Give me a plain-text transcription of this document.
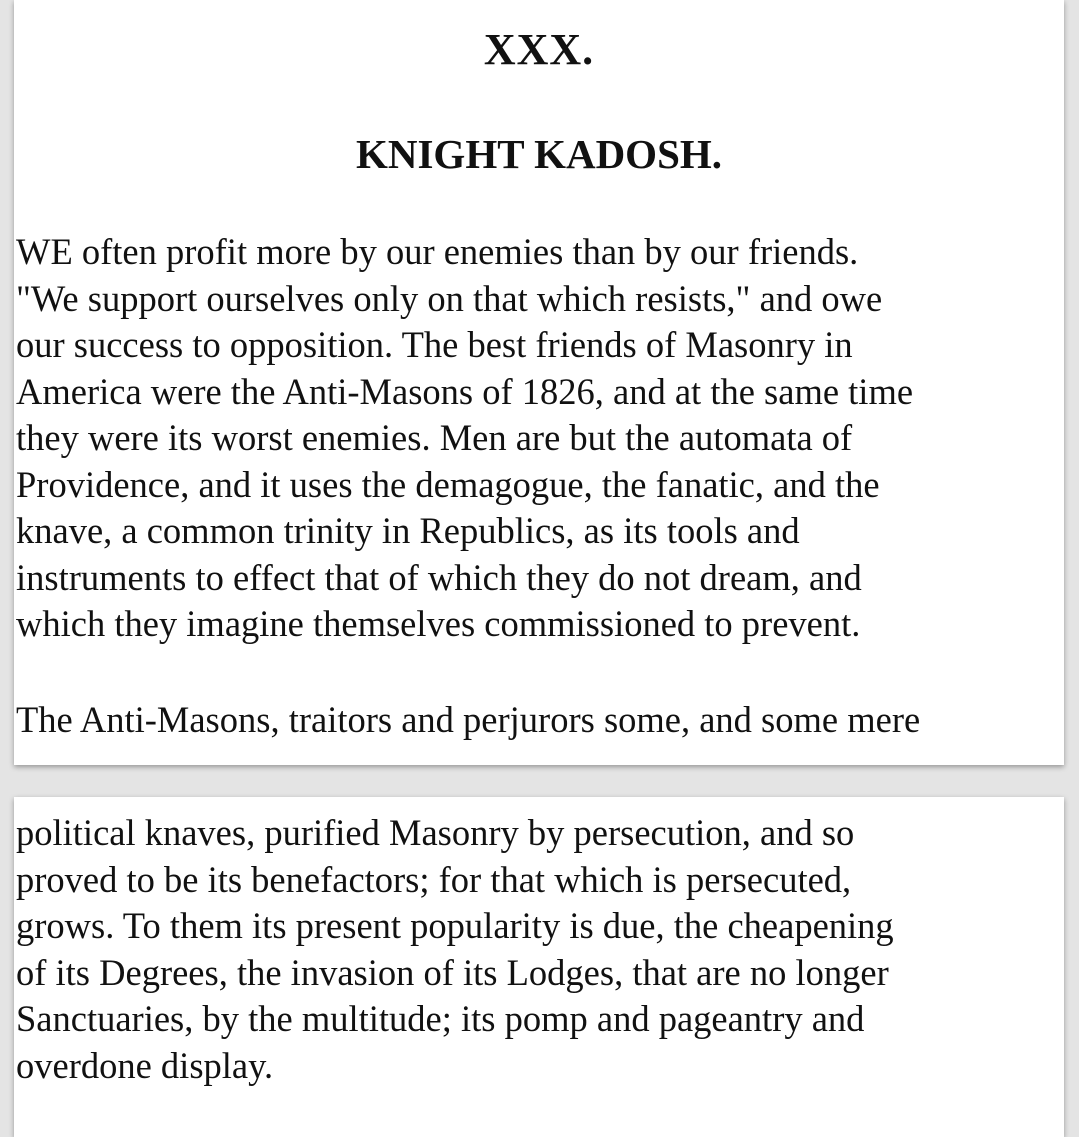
XXX.
KNIGHT KADOSH.

WE often profit more by our enemies than by our friends.
"We support ourselves only on that which resists," and owe
our success to opposition. The best friends of Masonry in
America were the Anti-Masons of 1826, and at the same time
they were its worst enemies. Men are but the automata of
Providence, and it uses the demagogue, the fanatic, and the
knave, a common trinity in Republics, as its tools and
instruments to effect that of which they do not dream, and
which they imagine themselves commissioned to prevent.

The Anti-Masons, traitors and perjurors some, and some mere

political knaves, purified Masonry by persecution, and so
proved to be its benefactors; for that which is persecuted,
grows. To them its present popularity is due, the cheapening
of its Degrees, the invasion of its Lodges, that are no longer
Sanctuaries, by the multitude; its pomp and pageantry and
overdone display.
